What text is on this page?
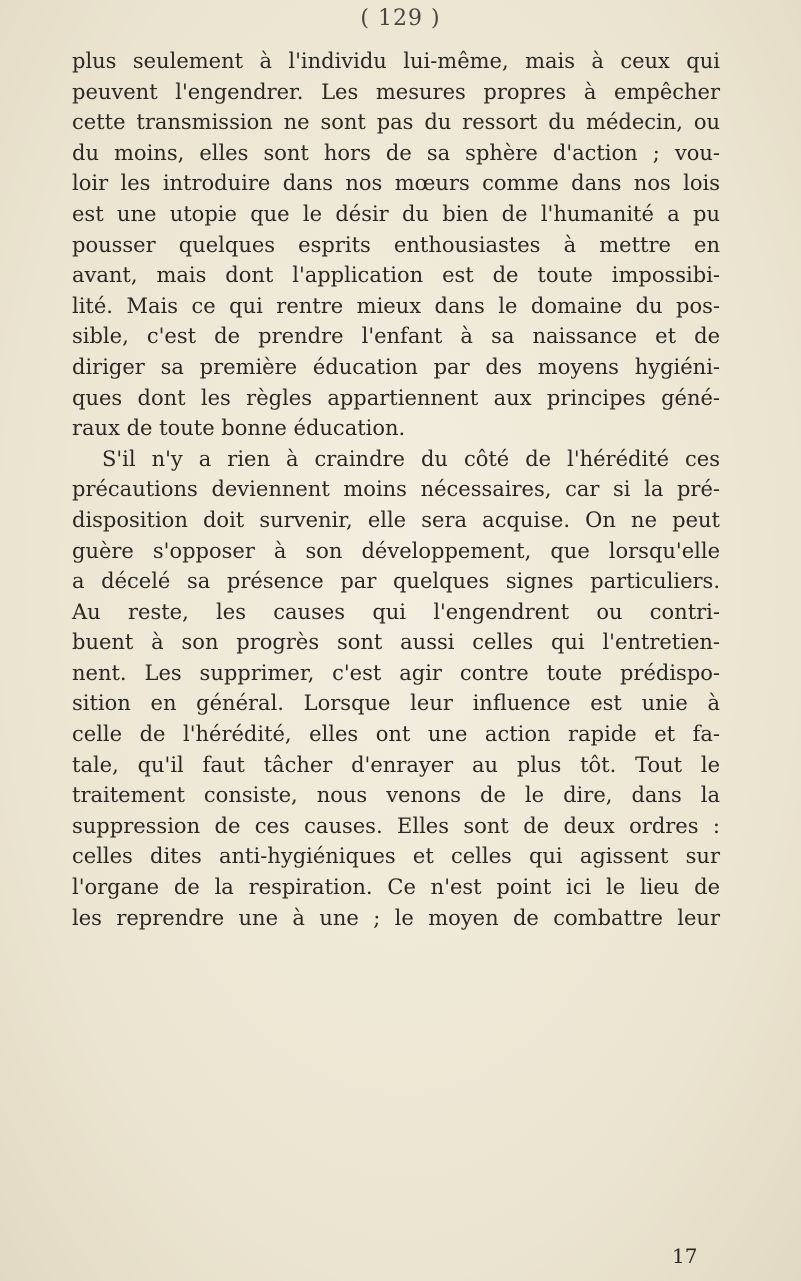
( 129 )
plus seulement à l'individu lui-même, mais à ceux qui
peuvent l'engendrer. Les mesures propres à empêcher
cette transmission ne sont pas du ressort du médecin, ou
du moins, elles sont hors de sa sphère d'action ; vou-
loir les introduire dans nos mœurs comme dans nos lois
est une utopie que le désir du bien de l'humanité a pu
pousser quelques esprits enthousiastes à mettre en
avant, mais dont l'application est de toute impossibi-
lité. Mais ce qui rentre mieux dans le domaine du pos-
sible, c'est de prendre l'enfant à sa naissance et de
diriger sa première éducation par des moyens hygiéni-
ques dont les règles appartiennent aux principes géné-
raux de toute bonne éducation.
S'il n'y a rien à craindre du côté de l'hérédité ces
précautions deviennent moins nécessaires, car si la pré-
disposition doit survenir, elle sera acquise. On ne peut
guère s'opposer à son développement, que lorsqu'elle
a décelé sa présence par quelques signes particuliers.
Au reste, les causes qui l'engendrent ou contri-
buent à son progrès sont aussi celles qui l'entretien-
nent. Les supprimer, c'est agir contre toute prédispo-
sition en général. Lorsque leur influence est unie à
celle de l'hérédité, elles ont une action rapide et fa-
tale, qu'il faut tâcher d'enrayer au plus tôt. Tout le
traitement consiste, nous venons de le dire, dans la
suppression de ces causes. Elles sont de deux ordres :
celles dites anti-hygiéniques et celles qui agissent sur
l'organe de la respiration. Ce n'est point ici le lieu de
les reprendre une à une ; le moyen de combattre leur
17
